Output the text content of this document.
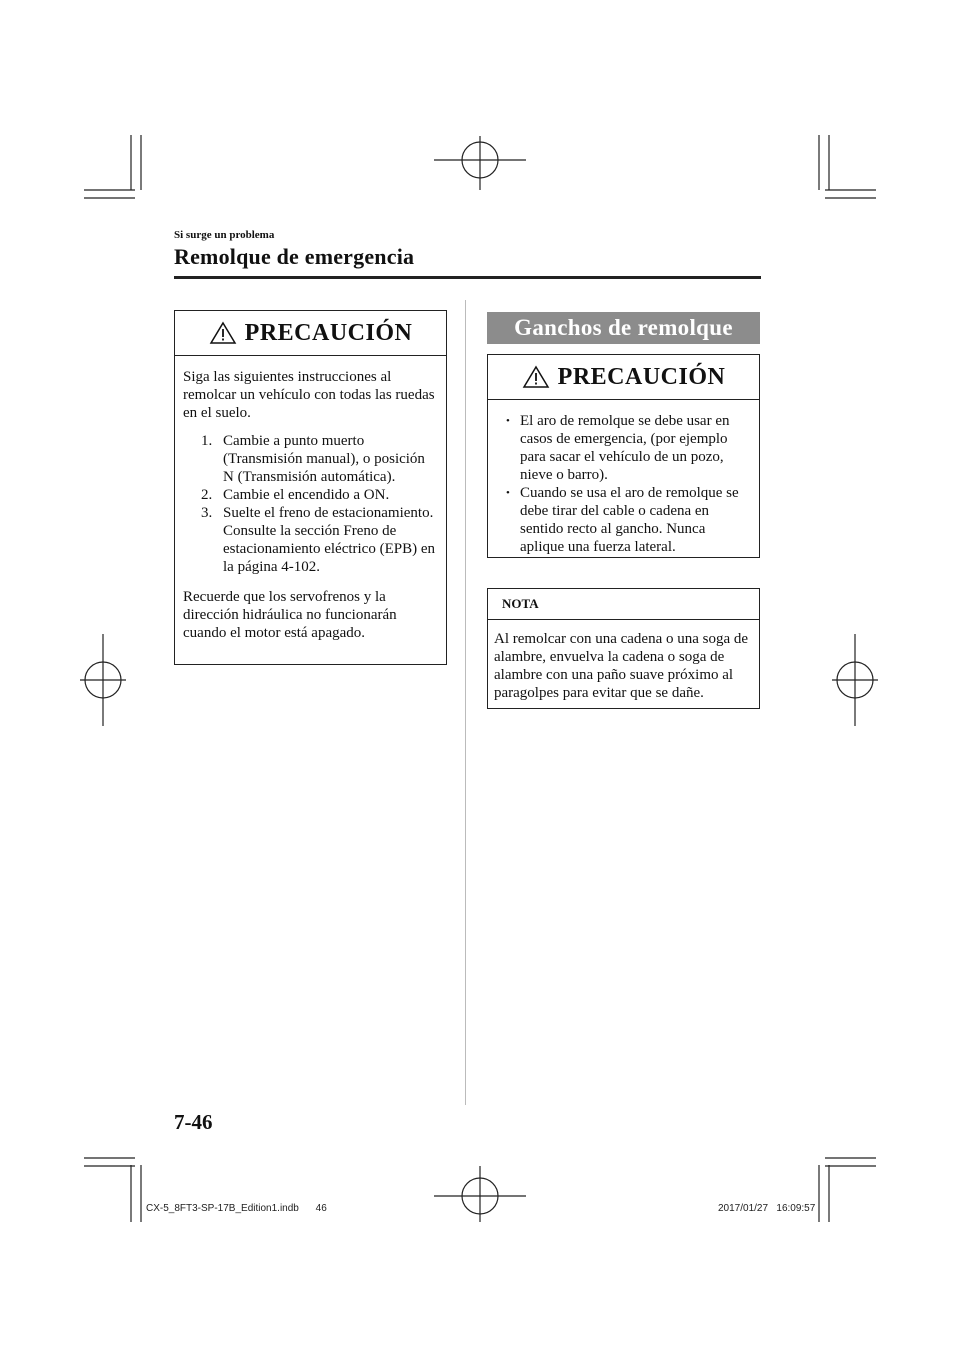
Si surge un problema
Remolque de emergencia
PRECAUCIÓN

Siga las siguientes instrucciones al remolcar un vehículo con todas las ruedas en el suelo.

1. Cambie a punto muerto (Transmisión manual), o posición N (Transmisión automática).
2. Cambie el encendido a ON.
3. Suelte el freno de estacionamiento. Consulte la sección Freno de estacionamiento eléctrico (EPB) en la página 4-102.

Recuerde que los servofrenos y la dirección hidráulica no funcionarán cuando el motor está apagado.

Ganchos de remolque
PRECAUCIÓN
• El aro de remolque se debe usar en casos de emergencia, (por ejemplo para sacar el vehículo de un pozo, nieve o barro).
• Cuando se usa el aro de remolque se debe tirar del cable o cadena en sentido recto al gancho. Nunca aplique una fuerza lateral.
NOTA
Al remolcar con una cadena o una soga de alambre, envuelva la cadena o soga de alambre con una paño suave próximo al paragolpes para evitar que se dañe.
7-46
CX-5_8FT3-SP-17B_Edition1.indb 46	2017/01/27   16:09:57
